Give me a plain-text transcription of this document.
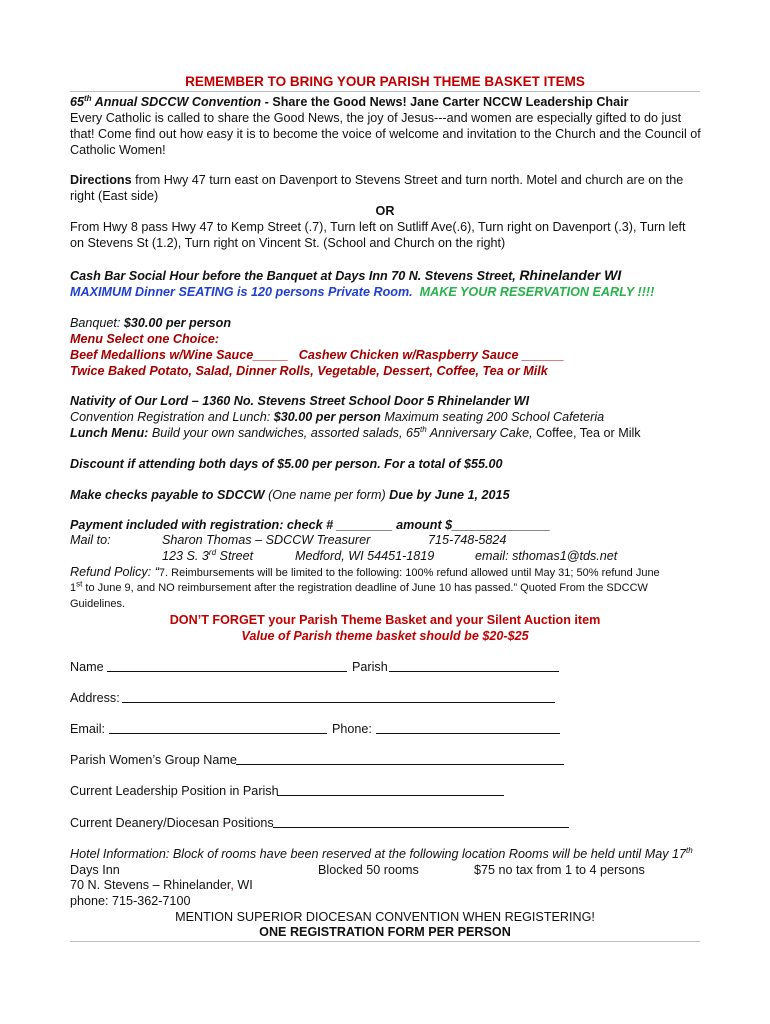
REMEMBER TO BRING YOUR PARISH THEME BASKET ITEMS
65th Annual SDCCW Convention - Share the Good News! Jane Carter NCCW Leadership Chair
Every Catholic is called to share the Good News, the joy of Jesus---and women are especially gifted to do just that! Come find out how easy it is to become the voice of welcome and invitation to the Church and the Council of Catholic Women!
Directions from Hwy 47 turn east on Davenport to Stevens Street and turn north. Motel and church are on the right (East side)
OR
From Hwy 8 pass Hwy 47 to Kemp Street (.7), Turn left on Sutliff Ave(.6), Turn right on Davenport (.3), Turn left on Stevens St (1.2), Turn right on Vincent St. (School and Church on the right)
Cash Bar Social Hour before the Banquet at Days Inn 70 N. Stevens Street, Rhinelander WI
MAXIMUM Dinner SEATING is 120 persons Private Room. MAKE YOUR RESERVATION EARLY !!!!
Banquet: $30.00 per person
Menu Select one Choice:
Beef Medallions w/Wine Sauce_____ Cashew Chicken w/Raspberry Sauce ______
Twice Baked Potato, Salad, Dinner Rolls, Vegetable, Dessert, Coffee, Tea or Milk
Nativity of Our Lord – 1360 No. Stevens Street School Door 5 Rhinelander WI
Convention Registration and Lunch: $30.00 per person Maximum seating 200 School Cafeteria
Lunch Menu: Build your own sandwiches, assorted salads, 65th Anniversary Cake, Coffee, Tea or Milk
Discount if attending both days of $5.00 per person. For a total of $55.00
Make checks payable to SDCCW (One name per form) Due by June 1, 2015
Payment included with registration: check # ________ amount $______________
Mail to:	Sharon Thomas – SDCCW Treasurer	715-748-5824
123 S. 3rd Street	Medford, WI 54451-1819	email: sthomas1@tds.net
Refund Policy: “7. Reimbursements will be limited to the following: 100% refund allowed until May 31; 50% refund June
1st to June 9, and NO reimbursement after the registration deadline of June 10 has passed.” Quoted From the SDCCW
Guidelines.
DON’T FORGET your Parish Theme Basket and your Silent Auction item
Value of Parish theme basket should be $20-$25
Name	Parish
Address:
Email:	Phone:
Parish Women’s Group Name
Current Leadership Position in Parish
Current Deanery/Diocesan Positions
Hotel Information: Block of rooms have been reserved at the following location Rooms will be held until May 17th
Days Inn	Blocked 50 rooms	$75 no tax from 1 to 4 persons
70 N. Stevens – Rhinelander, WI
phone: 715-362-7100
MENTION SUPERIOR DIOCESAN CONVENTION WHEN REGISTERING!
ONE REGISTRATION FORM PER PERSON
